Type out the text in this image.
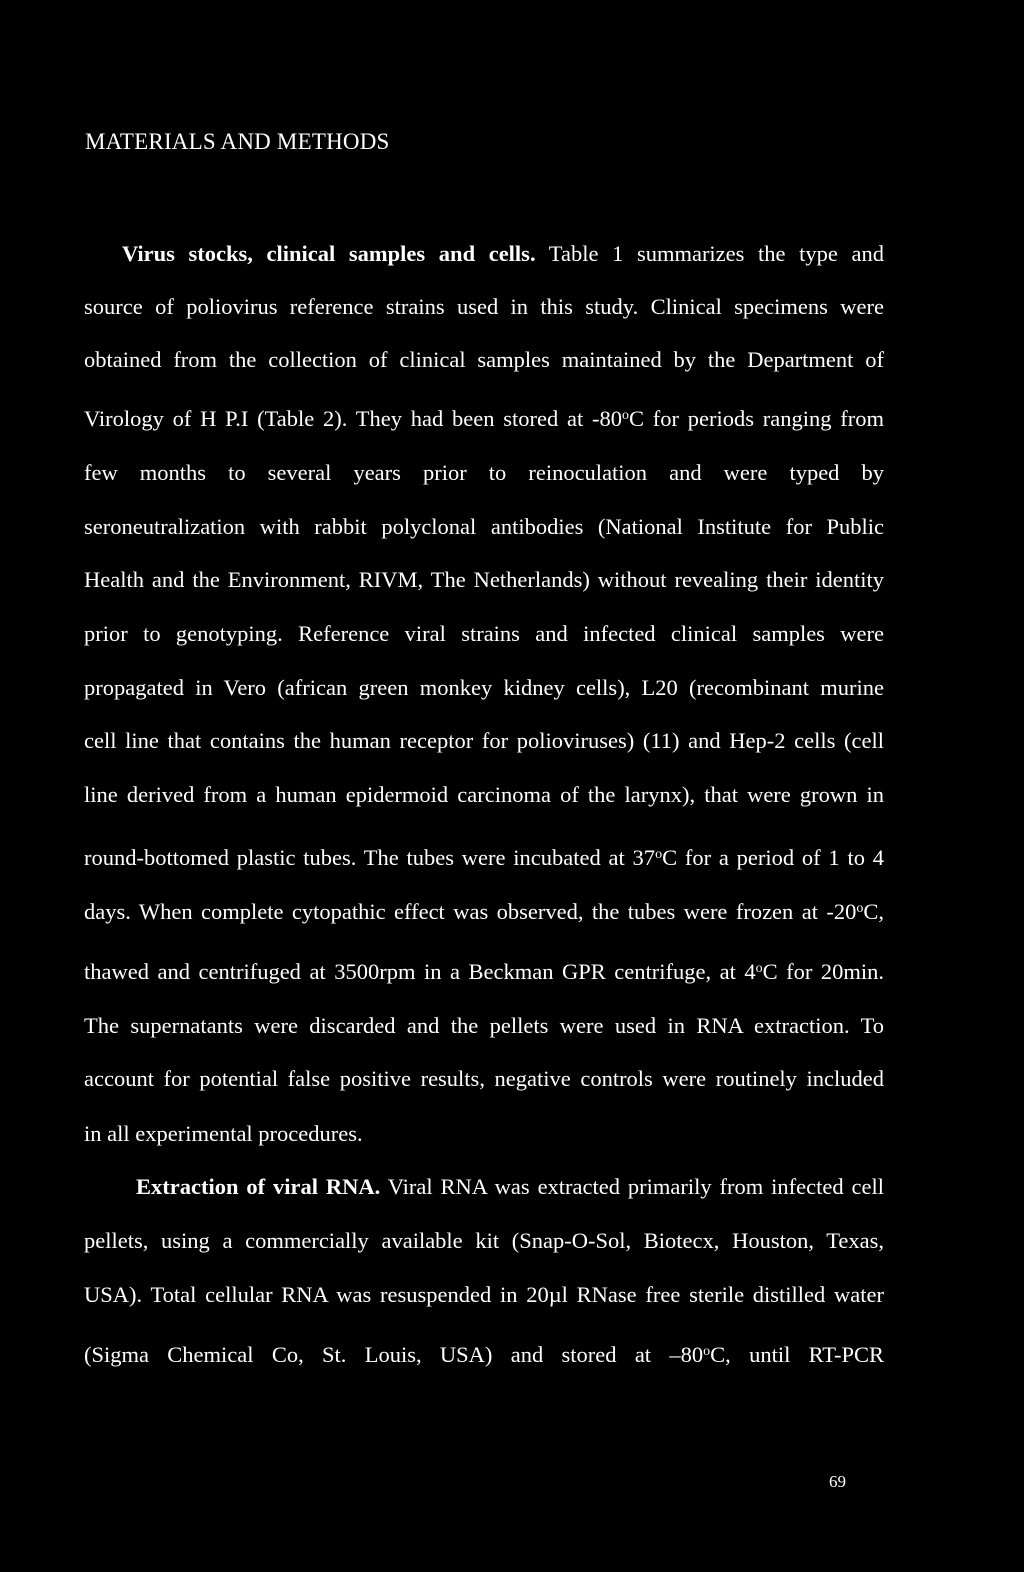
MATERIALS AND METHODS
Virus stocks, clinical samples and cells. Table 1 summarizes the type and
source of poliovirus reference strains used in this study. Clinical specimens were
obtained from the collection of clinical samples maintained by the Department of
Virology of H P.I (Table 2). They had been stored at -80$^o$C for periods ranging from
few months to several years prior to reinoculation and were typed by
seroneutralization with rabbit polyclonal antibodies (National Institute for Public
Health and the Environment, RIVM, The Netherlands) without revealing their identity
prior to genotyping. Reference viral strains and infected clinical samples were
propagated in Vero (african green monkey kidney cells), L20 (recombinant murine
cell line that contains the human receptor for polioviruses) (11) and Hep-2 cells (cell
line derived from a human epidermoid carcinoma of the larynx), that were grown in
round-bottomed plastic tubes. The tubes were incubated at 37$^o$C for a period of 1 to 4
days. When complete cytopathic effect was observed, the tubes were frozen at -20$^o$C,
thawed and centrifuged at 3500rpm in a Beckman GPR centrifuge, at 4$^o$C for 20min.
The supernatants were discarded and the pellets were used in RNA extraction. To
account for potential false positive results, negative controls were routinely included
in all experimental procedures.
Extraction of viral RNA. Viral RNA was extracted primarily from infected cell
pellets, using a commercially available kit (Snap-O-Sol, Biotecx, Houston, Texas,
USA). Total cellular RNA was resuspended in 20µl RNase free sterile distilled water
(Sigma Chemical Co, St. Louis, USA) and stored at –80$^o$C, until RT-PCR
69
